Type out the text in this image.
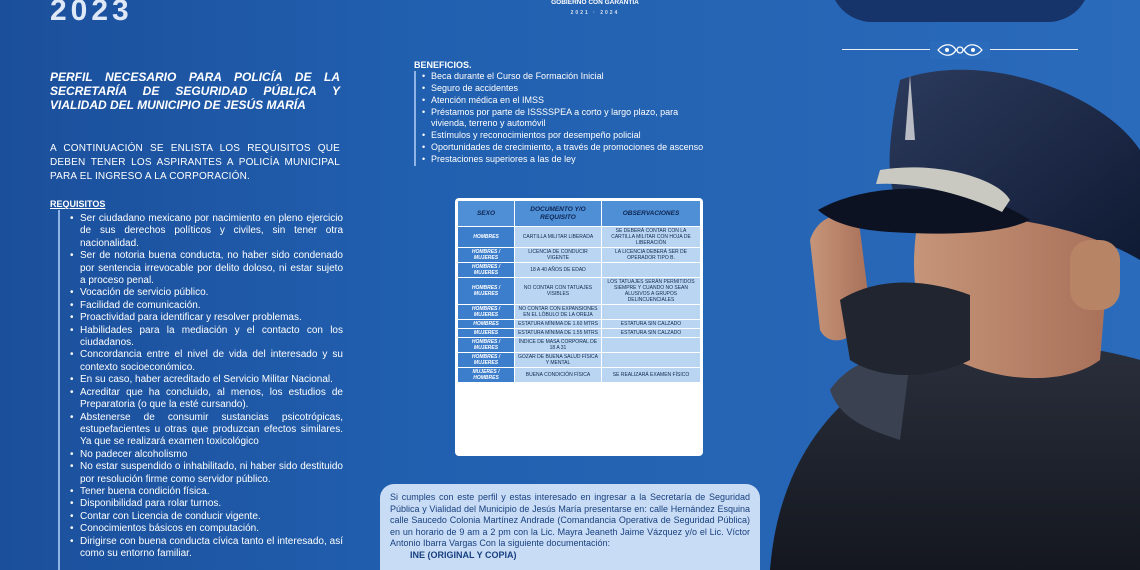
2023	GOBIERNO CON GARANTÍA
2021 · 2024
PERFIL NECESARIO PARA POLICÍA DE LA SECRETARÍA DE SEGURIDAD PÚBLICA Y VIALIDAD DEL MUNICIPIO DE JESÚS MARÍA
A CONTINUACIÓN SE ENLISTA LOS REQUISITOS QUE DEBEN TENER LOS ASPIRANTES A POLICÍA MUNICIPAL PARA EL INGRESO A LA CORPORACIÓN.
REQUISITOS
• Ser ciudadano mexicano por nacimiento en pleno ejercicio de sus derechos políticos y civiles, sin tener otra nacionalidad.
• Ser de notoria buena conducta, no haber sido condenado por sentencia irrevocable por delito doloso, ni estar sujeto a proceso penal.
• Vocación de servicio público.
• Facilidad de comunicación.
• Proactividad para identificar y resolver problemas.
• Habilidades para la mediación y el contacto con los ciudadanos.
• Concordancia entre el nivel de vida del interesado y su contexto socioeconómico.
• En su caso, haber acreditado el Servicio Militar Nacional.
• Acreditar que ha concluido, al menos, los estudios de Preparatoria (o que la esté cursando).
• Abstenerse de consumir sustancias psicotrópicas, estupefacientes u otras que produzcan efectos similares. Ya que se realizará examen toxicológico
• No padecer alcoholismo
• No estar suspendido o inhabilitado, ni haber sido destituido por resolución firme como servidor público.
• Tener buena condición física.
• Disponibilidad para rolar turnos.
• Contar con Licencia de conducir vigente.
• Conocimientos básicos en computación.
• Dirigirse con buena conducta cívica tanto el interesado, así como su entorno familiar.
BENEFICIOS.
• Beca durante el Curso de Formación Inicial
• Seguro de accidentes
• Atención médica en el IMSS
• Préstamos por parte de ISSSSPEA a corto y largo plazo, para vivienda, terreno y automóvil
• Estímulos y reconocimientos por desempeño policial
• Oportunidades de crecimiento, a través de promociones de ascenso
• Prestaciones superiores a las de ley
SEXO	DOCUMENTO Y/O REQUISITO	OBSERVACIONES
HOMBRES	CARTILLA MILITAR LIBERADA	SE DEBERÁ CONTAR CON LA CARTILLA MILITAR CON HOJA DE LIBERACIÓN
HOMBRES / MUJERES	LICENCIA DE CONDUCIR VIGENTE	LA LICENCIA DEBERÁ SER DE OPERADOR TIPO B.
HOMBRES / MUJERES	18 A 40 AÑOS DE EDAD	
HOMBRES / MUJERES	NO CONTAR CON TATUAJES VISIBLES	LOS TATUAJES SERÁN PERMITIDOS SIEMPRE Y CUANDO NO SEAN ALUSIVOS A GRUPOS DELINCUENCIALES
HOMBRES / MUJERES	NO CONTAR CON EXPANSIONES EN EL LÓBULO DE LA OREJA	
HOMBRES	ESTATURA MÍNIMA DE 1.60 MTRS	ESTATURA SIN CALZADO
MUJERES	ESTATURA MÍNIMA DE 1.55 MTRS	ESTATURA SIN CALZADO
HOMBRES / MUJERES	ÍNDICE DE MASA CORPORAL DE 18 A 31	
HOMBRES / MUJERES	GOZAR DE BUENA SALUD FÍSICA Y MENTAL	
MUJERES / HOMBRES	BUENA CONDICIÓN FÍSICA	SE REALIZARÁ EXAMEN FÍSICO
Si cumples con este perfil y estas interesado en ingresar a la Secretaría de Seguridad Pública y Vialidad del Municipio de Jesús María presentarse en: calle Hernández Esquina calle Saucedo Colonia Martínez Andrade (Comandancia Operativa de Seguridad Pública) en un horario de 9 am a 2 pm con la Lic. Mayra Jeaneth Jaime Vázquez y/o el Lic. Víctor Antonio Ibarra Vargas Con la siguiente documentación:
INE (ORIGINAL Y COPIA)
